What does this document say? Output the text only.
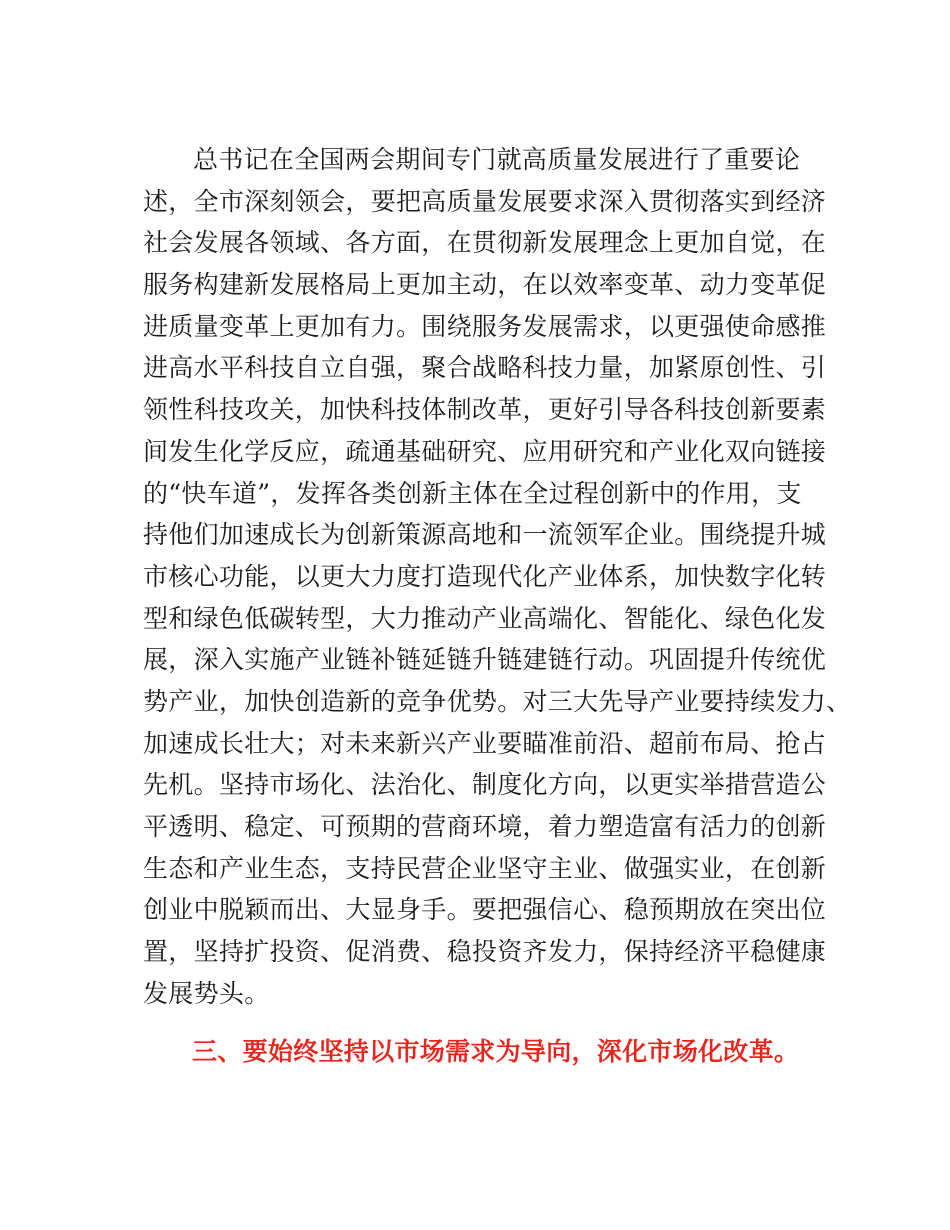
总书记在全国两会期间专门就高质量发展进行了重要论
述，全市深刻领会，要把高质量发展要求深入贯彻落实到经济
社会发展各领域、各方面，在贯彻新发展理念上更加自觉，在
服务构建新发展格局上更加主动，在以效率变革、动力变革促
进质量变革上更加有力。围绕服务发展需求，以更强使命感推
进高水平科技自立自强，聚合战略科技力量，加紧原创性、引
领性科技攻关，加快科技体制改革，更好引导各科技创新要素
间发生化学反应，疏通基础研究、应用研究和产业化双向链接
的“快车道”，发挥各类创新主体在全过程创新中的作用，支
持他们加速成长为创新策源高地和一流领军企业。围绕提升城
市核心功能，以更大力度打造现代化产业体系，加快数字化转
型和绿色低碳转型，大力推动产业高端化、智能化、绿色化发
展，深入实施产业链补链延链升链建链行动。巩固提升传统优
势产业，加快创造新的竞争优势。对三大先导产业要持续发力、
加速成长壮大；对未来新兴产业要瞄准前沿、超前布局、抢占
先机。坚持市场化、法治化、制度化方向，以更实举措营造公
平透明、稳定、可预期的营商环境，着力塑造富有活力的创新
生态和产业生态，支持民营企业坚守主业、做强实业，在创新
创业中脱颖而出、大显身手。要把强信心、稳预期放在突出位
置，坚持扩投资、促消费、稳投资齐发力，保持经济平稳健康
发展势头。
三、要始终坚持以市场需求为导向，深化市场化改革。
